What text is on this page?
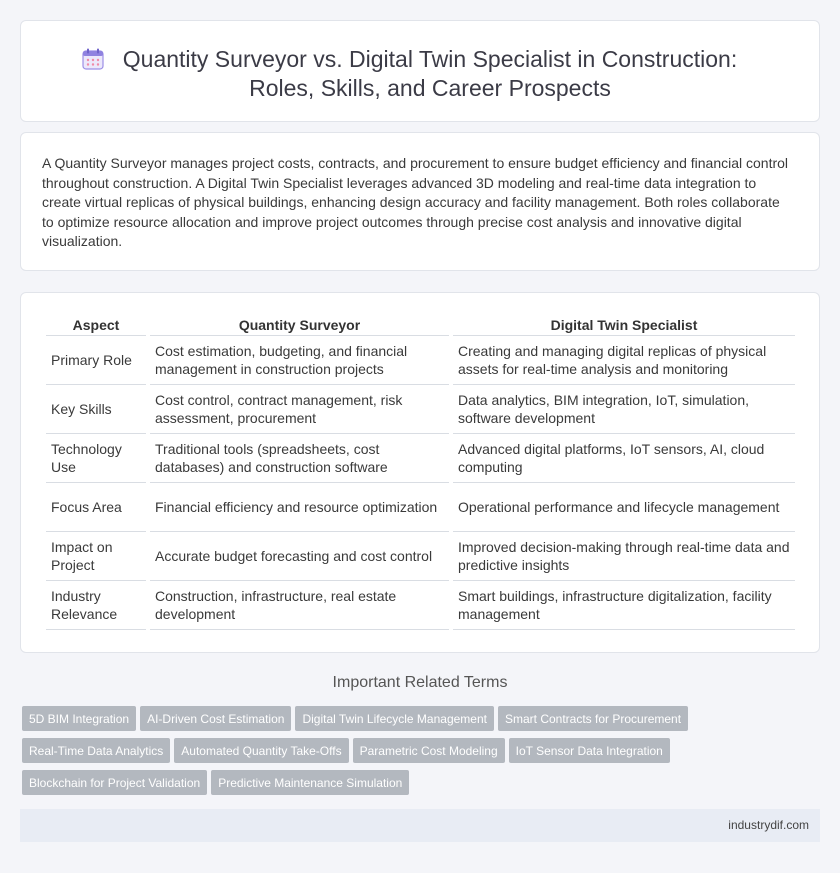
Quantity Surveyor vs. Digital Twin Specialist in Construction: Roles, Skills, and Career Prospects

A Quantity Surveyor manages project costs, contracts, and procurement to ensure budget efficiency and financial control throughout construction. A Digital Twin Specialist leverages advanced 3D modeling and real-time data integration to create virtual replicas of physical buildings, enhancing design accuracy and facility management. Both roles collaborate to optimize resource allocation and improve project outcomes through precise cost analysis and innovative digital visualization.

Aspect	Quantity Surveyor	Digital Twin Specialist
Primary Role	Cost estimation, budgeting, and financial management in construction projects	Creating and managing digital replicas of physical assets for real-time analysis and monitoring
Key Skills	Cost control, contract management, risk assessment, procurement	Data analytics, BIM integration, IoT, simulation, software development
Technology Use	Traditional tools (spreadsheets, cost databases) and construction software	Advanced digital platforms, IoT sensors, AI, cloud computing
Focus Area	Financial efficiency and resource optimization	Operational performance and lifecycle management
Impact on Project	Accurate budget forecasting and cost control	Improved decision-making through real-time data and predictive insights
Industry Relevance	Construction, infrastructure, real estate development	Smart buildings, infrastructure digitalization, facility management
Important Related Terms
5D BIM Integration AI-Driven Cost Estimation Digital Twin Lifecycle Management Smart Contracts for Procurement
Real-Time Data Analytics Automated Quantity Take-Offs Parametric Cost Modeling IoT Sensor Data Integration
Blockchain for Project Validation Predictive Maintenance Simulation
industrydif.com
